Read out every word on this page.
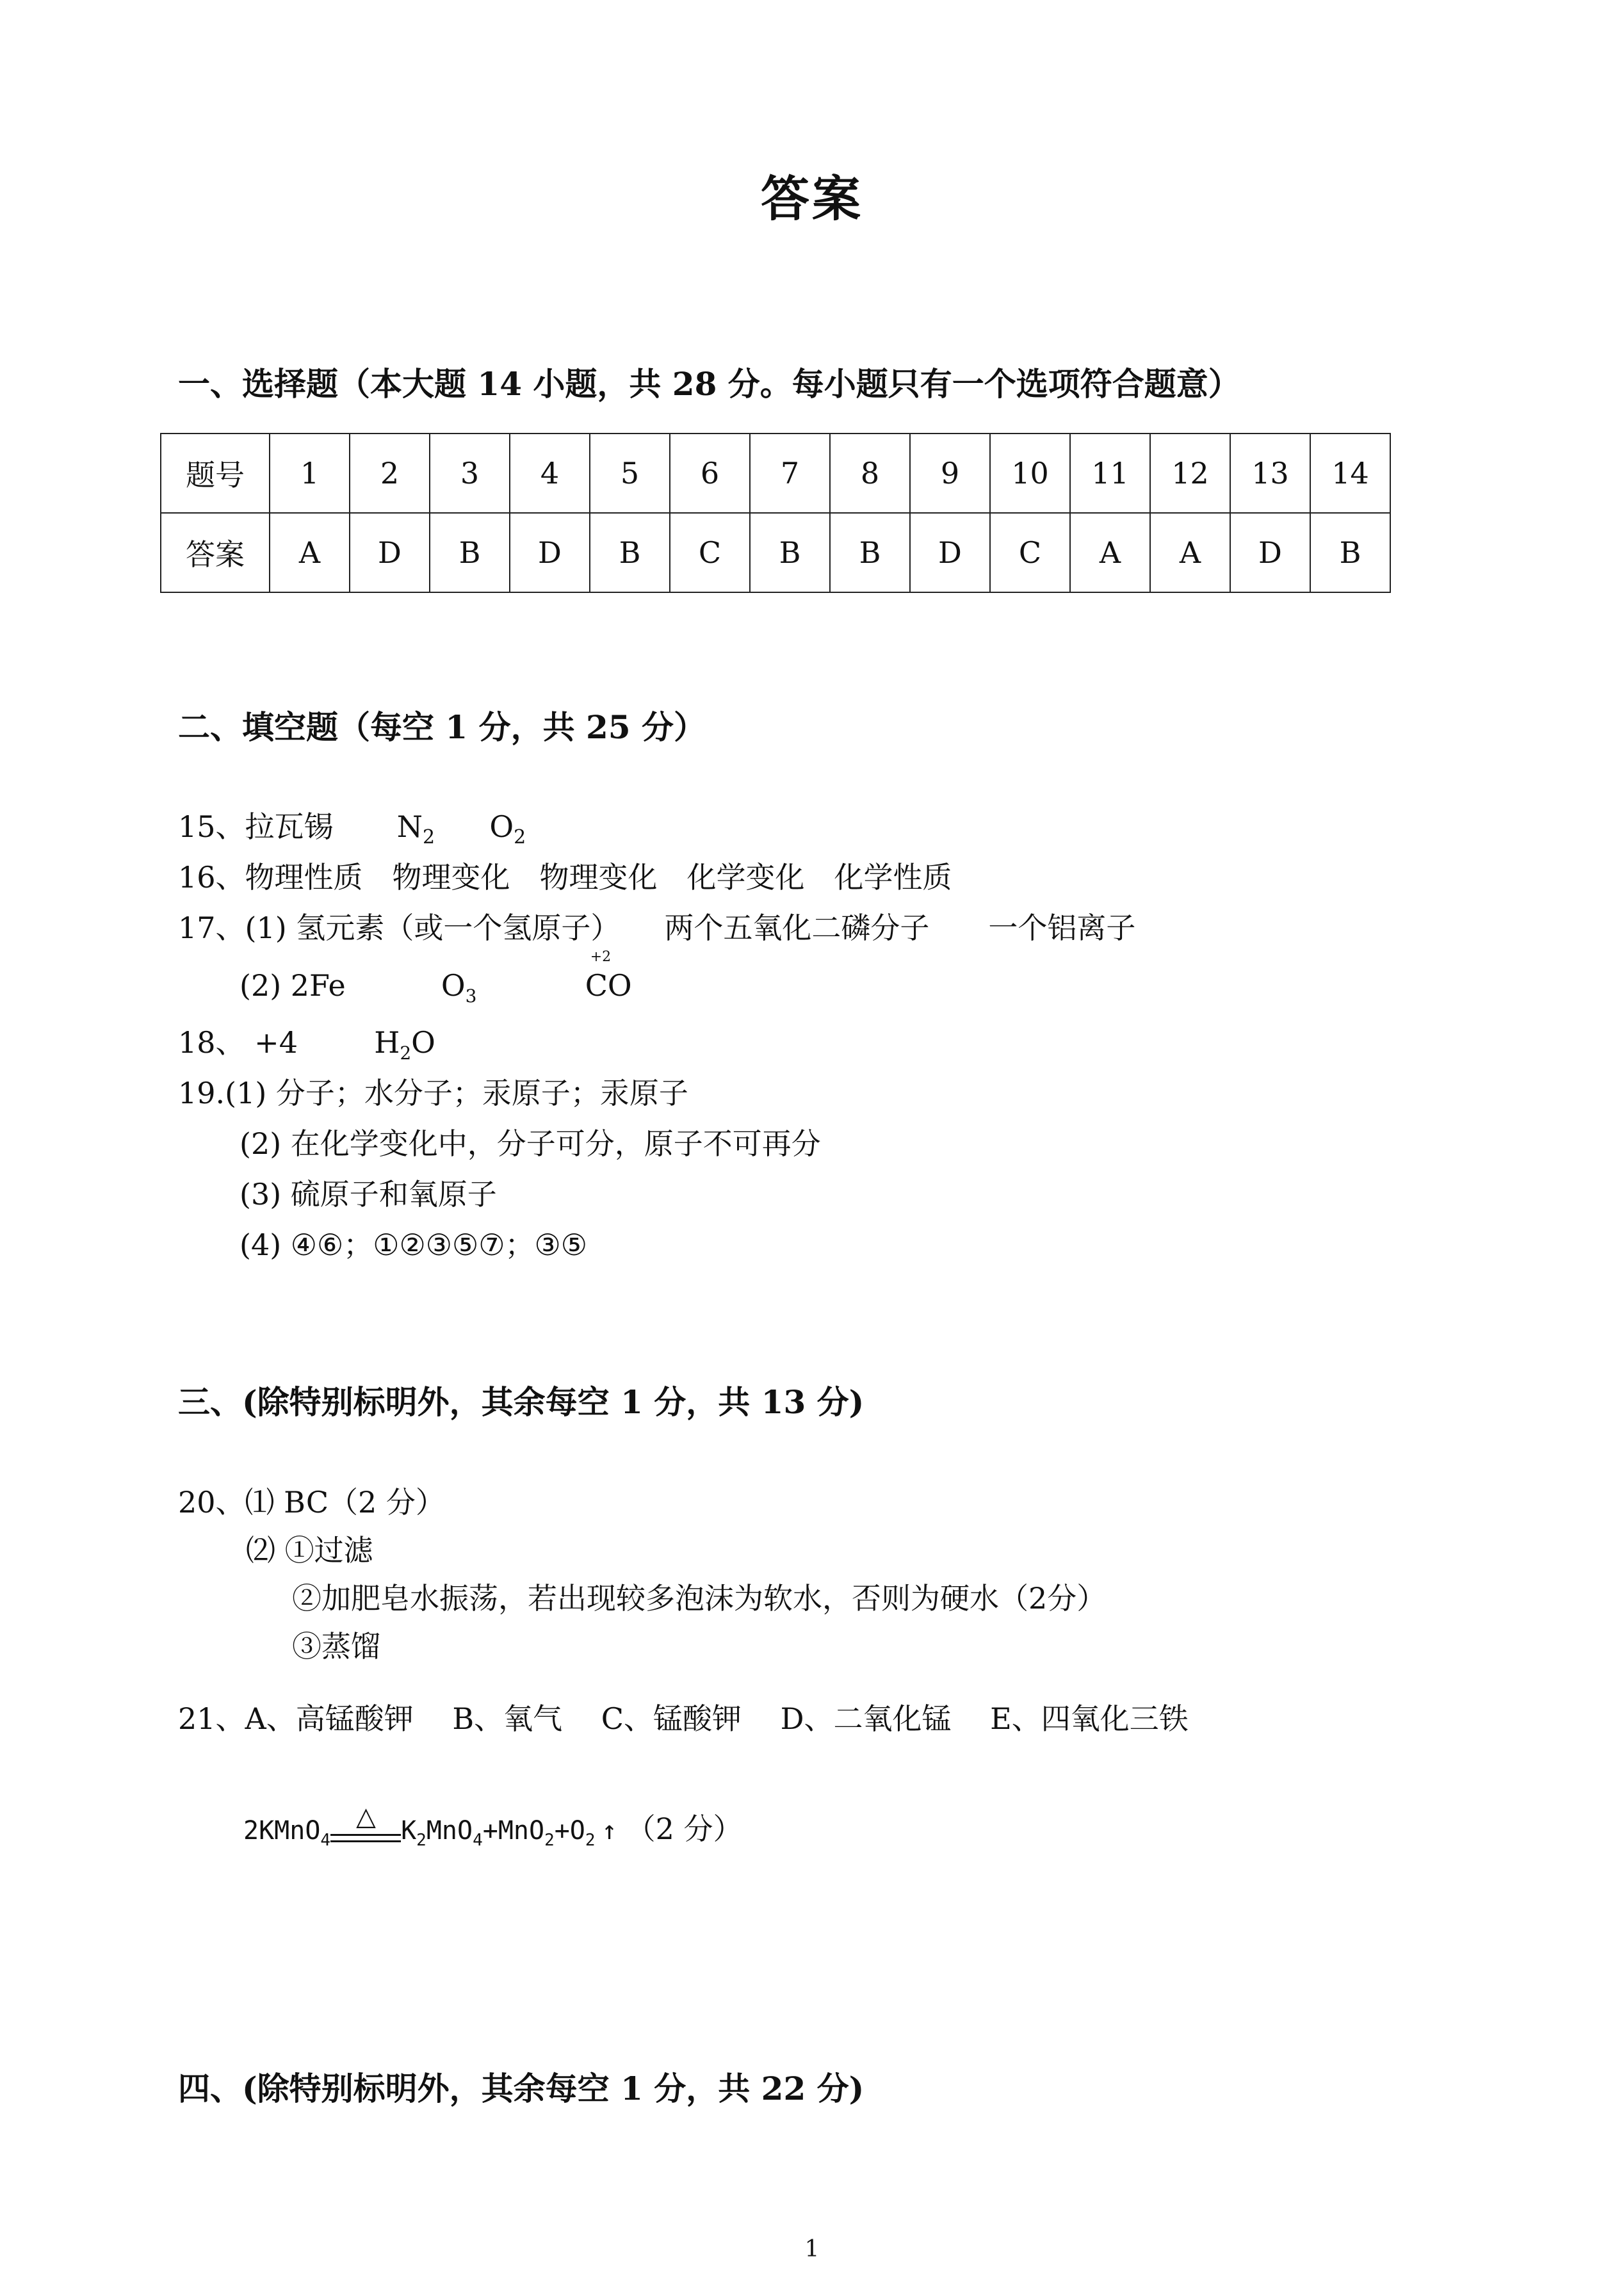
答案
一、选择题（本大题 14 小题，共 28 分。每小题只有一个选项符合题意）
题号	1	2	3	4	5	6	7	8	9	10	11	12	13	14
答案	A	D	B	D	B	C	B	B	D	C	A	A	D	B
二、填空题（每空 1 分，共 25 分）
15、拉瓦锡 $N_2$ $O_2$
16、物理性质　物理变化　物理变化　化学变化　化学性质
17、(1) 氢元素（或一个氢原子）　　两个五氧化二磷分子　　一个铝离子
(2) 2Fe	$O_3$
+2
CO
18、 +4	$H_2O$
19.(1) 分子；水分子；汞原子；汞原子
(2) 在化学变化中，分子可分，原子不可再分
(3) 硫原子和氧原子
(4) ④⑥；①②③⑤⑦；③⑤
三、(除特别标明外，其余每空 1 分，共 13 分)
20、⑴ BC（2 分）
⑵ ①过滤
②加肥皂水振荡，若出现较多泡沫为软水，否则为硬水（2分）
③蒸馏
21、A、高锰酸钾　 B、氧气　 C、锰酸钾　 D、二氧化锰　 E、四氧化三铁
2KMnO$_4$
△ $K_2MnO_4+MnO_2+O_2$ ↑ （2 分）
四、(除特别标明外，其余每空 1 分，共 22 分)
1
